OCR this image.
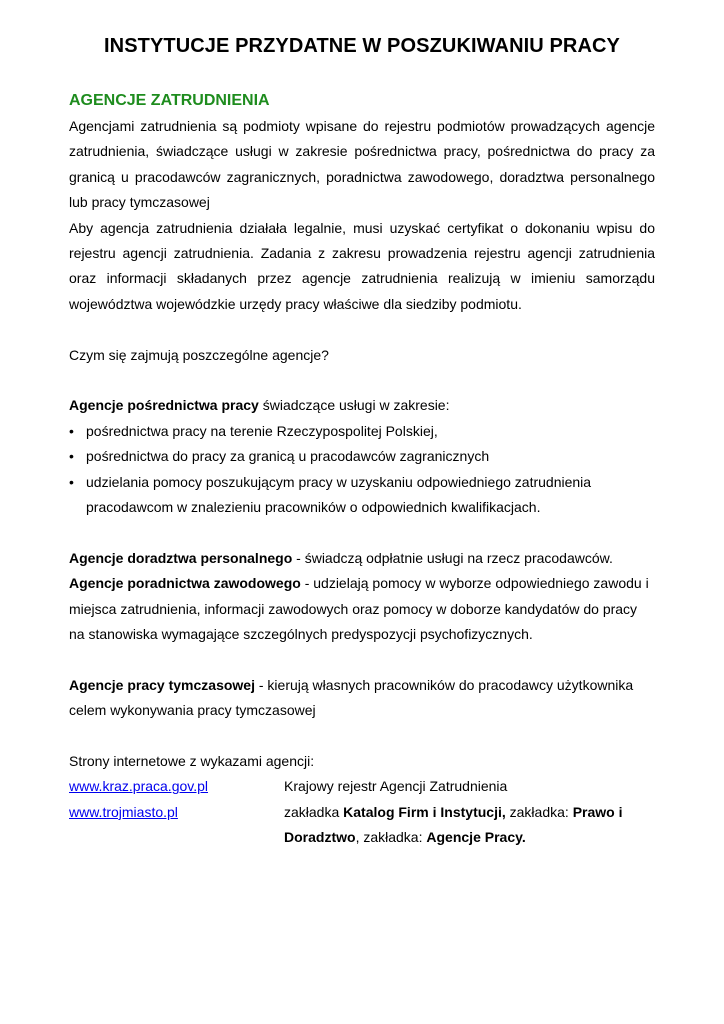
INSTYTUCJE PRZYDATNE W POSZUKIWANIU PRACY
AGENCJE ZATRUDNIENIA

Agencjami zatrudnienia są podmioty wpisane do rejestru podmiotów prowadzących agencje zatrudnienia, świadczące usługi w zakresie pośrednictwa pracy, pośrednictwa do pracy za granicą u pracodawców zagranicznych, poradnictwa zawodowego, doradztwa personalnego lub pracy tymczasowej

Aby agencja zatrudnienia działała legalnie, musi uzyskać certyfikat o dokonaniu wpisu do rejestru agencji zatrudnienia. Zadania z zakresu prowadzenia rejestru agencji zatrudnienia oraz informacji składanych przez agencje zatrudnienia realizują w imieniu samorządu województwa wojewódzkie urzędy pracy właściwe dla siedziby podmiotu.

Czym się zajmują poszczególne agencje?

Agencje pośrednictwa pracy świadczące usługi w zakresie:

• pośrednictwa pracy na terenie Rzeczypospolitej Polskiej,
• pośrednictwa do pracy za granicą u pracodawców zagranicznych
• udzielania pomocy poszukującym pracy w uzyskaniu odpowiedniego zatrudnienia pracodawcom w znalezieniu pracowników o odpowiednich kwalifikacjach.

Agencje doradztwa personalnego - świadczą odpłatnie usługi na rzecz pracodawców.

Agencje poradnictwa zawodowego - udzielają pomocy w wyborze odpowiedniego zawodu i miejsca zatrudnienia, informacji zawodowych oraz pomocy w doborze kandydatów do pracy na stanowiska wymagające szczególnych predyspozycji psychofizycznych.

Agencje pracy tymczasowej - kierują własnych pracowników do pracodawcy użytkownika celem wykonywania pracy tymczasowej

Strony internetowe z wykazami agencji:

www.kraz.praca.gov.pl	Krajowy rejestr Agencji Zatrudnienia
www.trojmiasto.pl	zakładka Katalog Firm i Instytucji, zakładka: Prawo i Doradztwo, zakładka: Agencje Pracy.
